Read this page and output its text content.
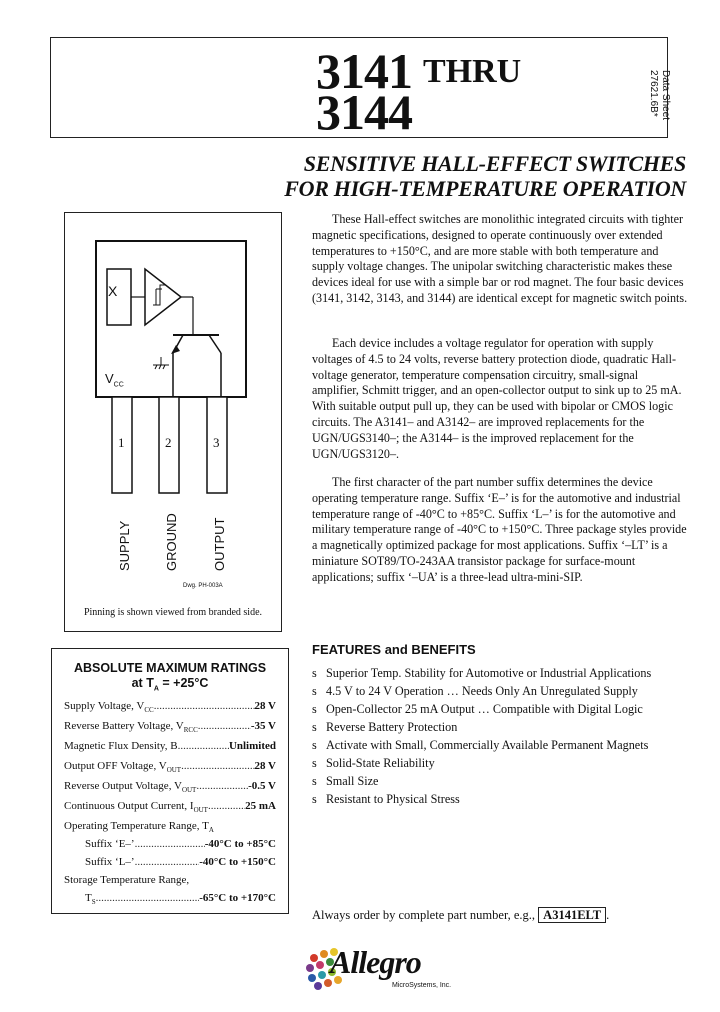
3141 THRU
3144	Data Sheet
27621.6B*
SENSITIVE HALL-EFFECT SWITCHES
FOR HIGH-TEMPERATURE OPERATION

These Hall-effect switches are monolithic integrated circuits with tighter magnetic specifications, designed to operate continuously over extended temperatures to +150°C, and are more stable with both temperature and supply voltage changes. The unipolar switching characteristic makes these devices ideal for use with a simple bar or rod magnet. The four basic devices (3141, 3142, 3143, and 3144) are identical except for magnetic switch points.

Each device includes a voltage regulator for operation with supply voltages of 4.5 to 24 volts, reverse battery protection diode, quadratic Hall-voltage generator, temperature compensation circuitry, small-signal amplifier, Schmitt trigger, and an open-collector output to sink up to 25 mA. With suitable output pull up, they can be used with bipolar or CMOS logic circuits. The A3141– and A3142– are improved replacements for the UGN/UGS3140–; the A3144– is the improved replacement for the UGN/UGS3120–.

The first character of the part number suffix determines the device operating temperature range. Suffix ‘E–’ is for the automotive and industrial temperature range of -40°C to +85°C. Suffix ‘L–’ is for the automotive and military temperature range of -40°C to +150°C. Three package styles provide a magnetically optimized package for most applications. Suffix ‘–LT’ is a miniature SOT89/TO-243AA transistor package for surface-mount applications; suffix ‘–UA’ is a three-lead ultra-mini-SIP.

X
$V_{CC}$
1	2	3
SUPPLY GROUND	OUTPUT
Dwg. PH-003A
Pinning is shown viewed from branded side.
ABSOLUTE MAXIMUM RATINGS
at $T_A = +25^\circ C$
Supply Voltage, $V_{CC}$ .....	28 V
Reverse Battery Voltage, $V_{RCC}$ .....	-35 V
Magnetic Flux Density, B .....	Unlimited
Output OFF Voltage, $V_{OUT}$ .....	28 V
Reverse Output Voltage, $V_{OUT}$ .....	-0.5 V
Continuous Output Current, $I_{OUT}$ .....	25 mA
Operating Temperature Range, $T_A$
Suffix ‘E–’ .....	-40°C to +85°C
Suffix ‘L–’ .....	-40°C to +150°C
Storage Temperature Range,
$T_S$ .....	-65°C to +170°C
FEATURES and BENEFITS
s Superior Temp. Stability for Automotive or Industrial Applications
s 4.5 V to 24 V Operation … Needs Only An Unregulated Supply
s Open-Collector 25 mA Output … Compatible with Digital Logic
s Reverse Battery Protection
s Activate with Small, Commercially Available Permanent Magnets
s Solid-State Reliability
s Small Size
s Resistant to Physical Stress
Always order by complete part number, e.g., A3141ELT .
Allegro
MicroSystems, Inc.
